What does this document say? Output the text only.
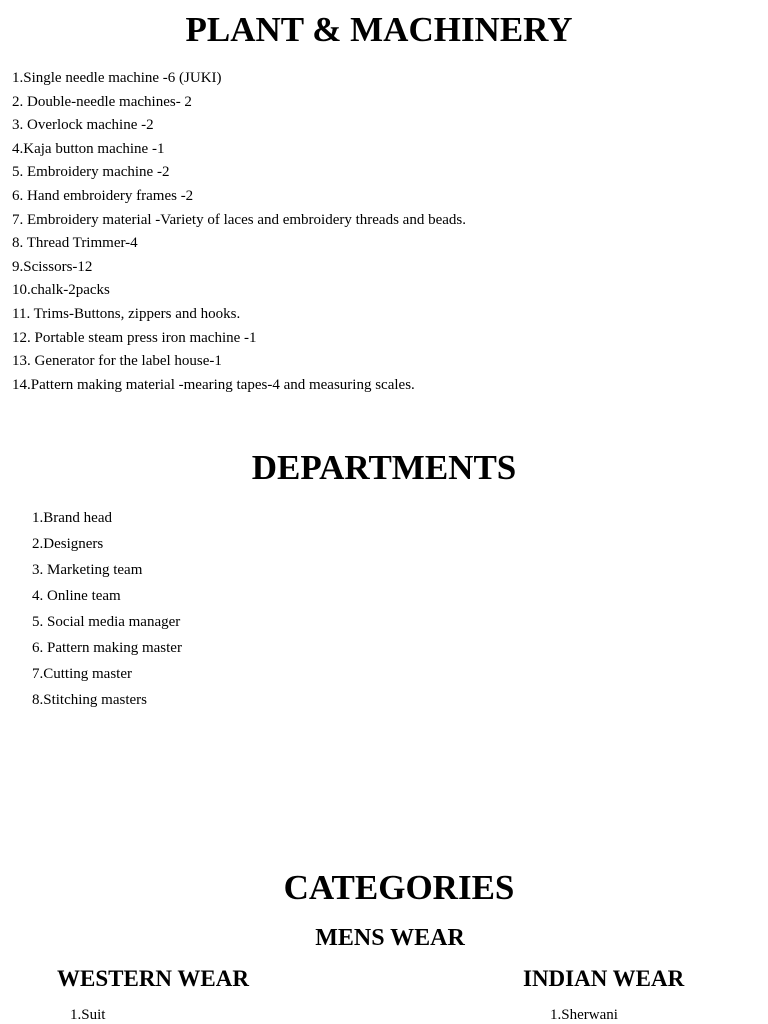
PLANT & MACHINERY
1.Single needle machine -6 (JUKI)
2. Double-needle machines- 2
3. Overlock machine -2
4.Kaja button machine -1
5. Embroidery machine -2
6. Hand embroidery frames -2
7. Embroidery material -Variety of laces and embroidery threads and beads.
8. Thread Trimmer-4
9.Scissors-12
10.chalk-2packs
11. Trims-Buttons, zippers and hooks.
12. Portable steam press iron machine -1
13. Generator for the label house-1
14.Pattern making material -mearing tapes-4 and measuring scales.
DEPARTMENTS
1.Brand head
2.Designers
3. Marketing team
4. Online team
5. Social media manager
6. Pattern making master
7.Cutting master
8.Stitching masters
CATEGORIES
MENS WEAR
WESTERN WEAR	INDIAN WEAR
1.Suit	1.Sherwani
